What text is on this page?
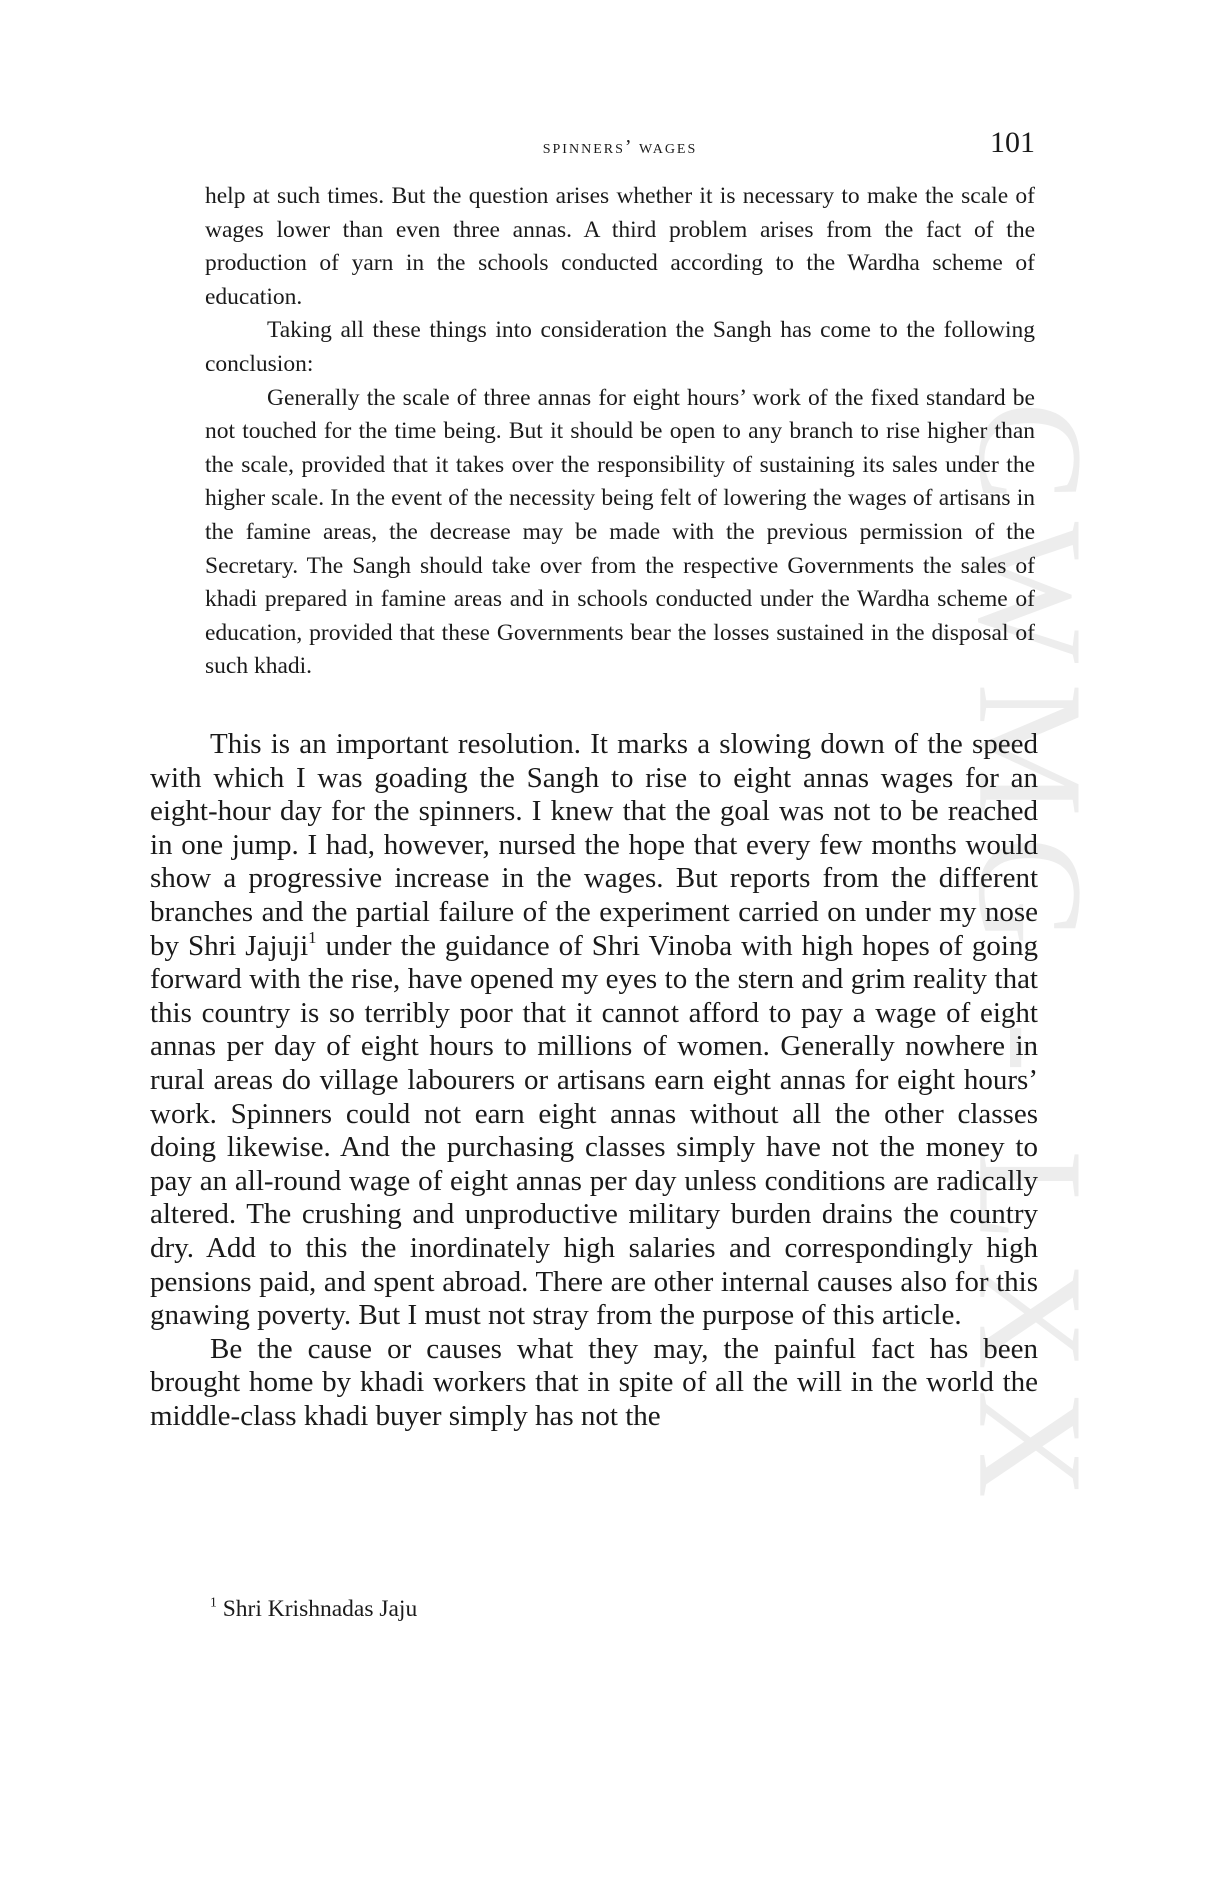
CWMG - LXX
spinners’ wages	101

help at such times. But the question arises whether it is necessary to make the scale of wages lower than even three annas. A third problem arises from the fact of the production of yarn in the schools conducted according to the Wardha scheme of education.

Taking all these things into consideration the Sangh has come to the following conclusion:

Generally the scale of three annas for eight hours’ work of the fixed standard be not touched for the time being. But it should be open to any branch to rise higher than the scale, provided that it takes over the responsibility of sustaining its sales under the higher scale. In the event of the necessity being felt of lowering the wages of artisans in the famine areas, the decrease may be made with the previous permission of the Secretary. The Sangh should take over from the respective Governments the sales of khadi prepared in famine areas and in schools conducted under the Wardha scheme of education, provided that these Governments bear the losses sustained in the disposal of such khadi.

This is an important resolution. It marks a slowing down of the speed with which I was goading the Sangh to rise to eight annas wages for an eight-hour day for the spinners. I knew that the goal was not to be reached in one jump. I had, however, nursed the hope that every few months would show a progressive increase in the wages. But reports from the different branches and the partial failure of the experiment carried on under my nose by Shri Jajuji$^1$ under the guidance of Shri Vinoba with high hopes of going forward with the rise, have opened my eyes to the stern and grim reality that this country is so terribly poor that it cannot afford to pay a wage of eight annas per day of eight hours to millions of women. Generally nowhere in rural areas do village labourers or artisans earn eight annas for eight hours’ work. Spinners could not earn eight annas without all the other classes doing likewise. And the purchasing classes simply have not the money to pay an all-round wage of eight annas per day unless conditions are radically altered. The crushing and unproductive military burden drains the country dry. Add to this the inordinately high salaries and correspondingly high pensions paid, and spent abroad. There are other internal causes also for this gnawing poverty. But I must not stray from the purpose of this article.

Be the cause or causes what they may, the painful fact has been brought home by khadi workers that in spite of all the will in the world the middle-class khadi buyer simply has not the

$^1$ Shri Krishnadas Jaju
